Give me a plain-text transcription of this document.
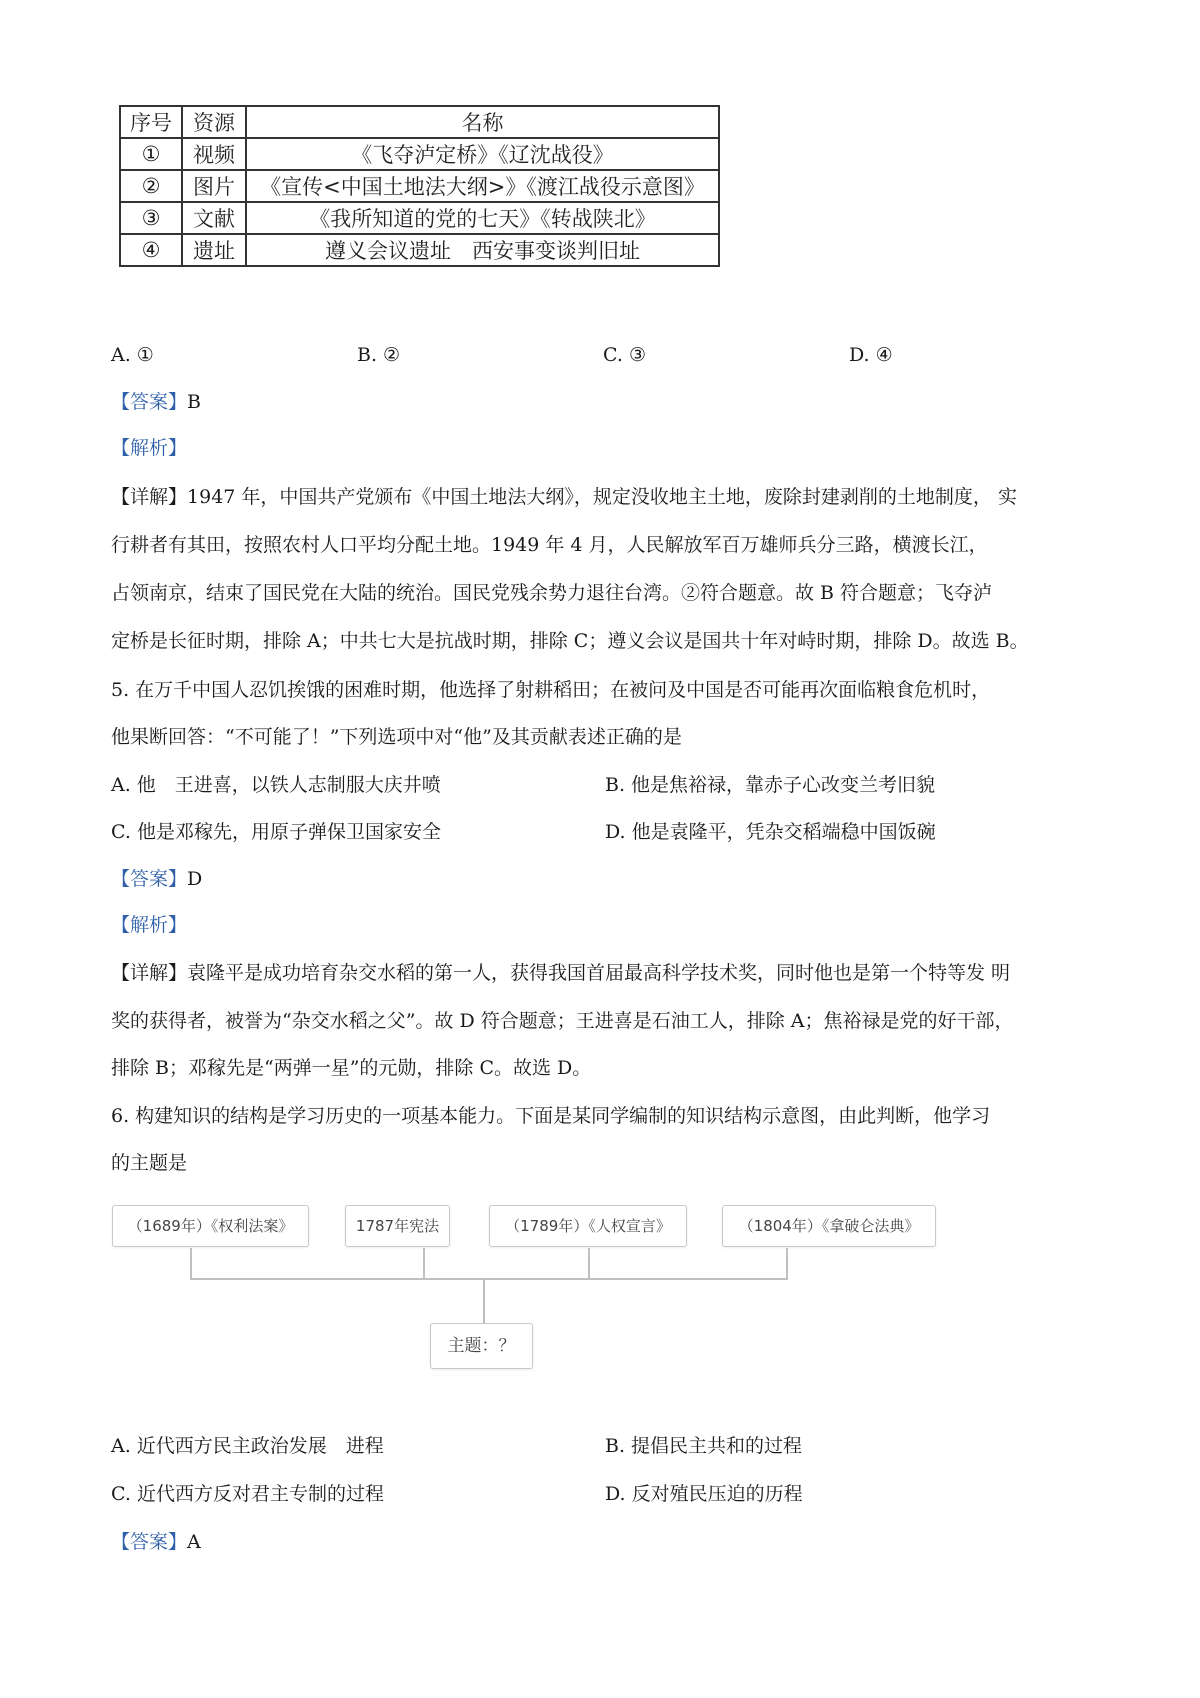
序号	资源	名称
①	视频	《飞夺泸定桥》《辽沈战役》
②	图片	《宣传<中国土地法大纲>》《渡江战役示意图》
③	文献	《我所知道的党的七天》《转战陕北》
④	遗址	遵义会议遗址　西安事变谈判旧址
A. ①	B. ②	C. ③	D. ④
【答案】B
【解析】
【详解】1947 年，中国共产党颁布《中国土地法大纲》，规定没收地主土地，废除封建剥削的土地制度， 实
行耕者有其田，按照农村人口平均分配土地。1949 年 4 月，人民解放军百万雄师兵分三路，横渡长江，
占领南京，结束了国民党在大陆的统治。国民党残余势力退往台湾。②符合题意。故 B 符合题意；飞夺泸
定桥是长征时期，排除 A；中共七大是抗战时期，排除 C；遵义会议是国共十年对峙时期，排除 D。故选 B。
5. 在万千中国人忍饥挨饿的困难时期，他选择了射耕稻田；在被问及中国是否可能再次面临粮食危机时，
他果断回答：“不可能了！”下列选项中对“他”及其贡献表述正确的是
A. 他　王进喜，以铁人志制服大庆井喷	B. 他是焦裕禄，靠赤子心改变兰考旧貌
C. 他是邓稼先，用原子弹保卫国家安全	D. 他是袁隆平，凭杂交稻端稳中国饭碗
【答案】D
【解析】
【详解】袁隆平是成功培育杂交水稻的第一人，获得我国首届最高科学技术奖，同时他也是第一个特等发 明
奖的获得者，被誉为“杂交水稻之父”。故 D 符合题意；王进喜是石油工人，排除 A；焦裕禄是党的好干部，
排除 B；邓稼先是“两弹一星”的元勋，排除 C。故选 D。
6. 构建知识的结构是学习历史的一项基本能力。下面是某同学编制的知识结构示意图，由此判断，他学习
的主题是
（1689年）《权利法案》	1787年宪法	（1789年）《人权宣言》	（1804年）《拿破仑法典》
主题：？
A. 近代西方民主政治发展　进程	B. 提倡民主共和的过程
C. 近代西方反对君主专制的过程	D. 反对殖民压迫的历程
【答案】A
